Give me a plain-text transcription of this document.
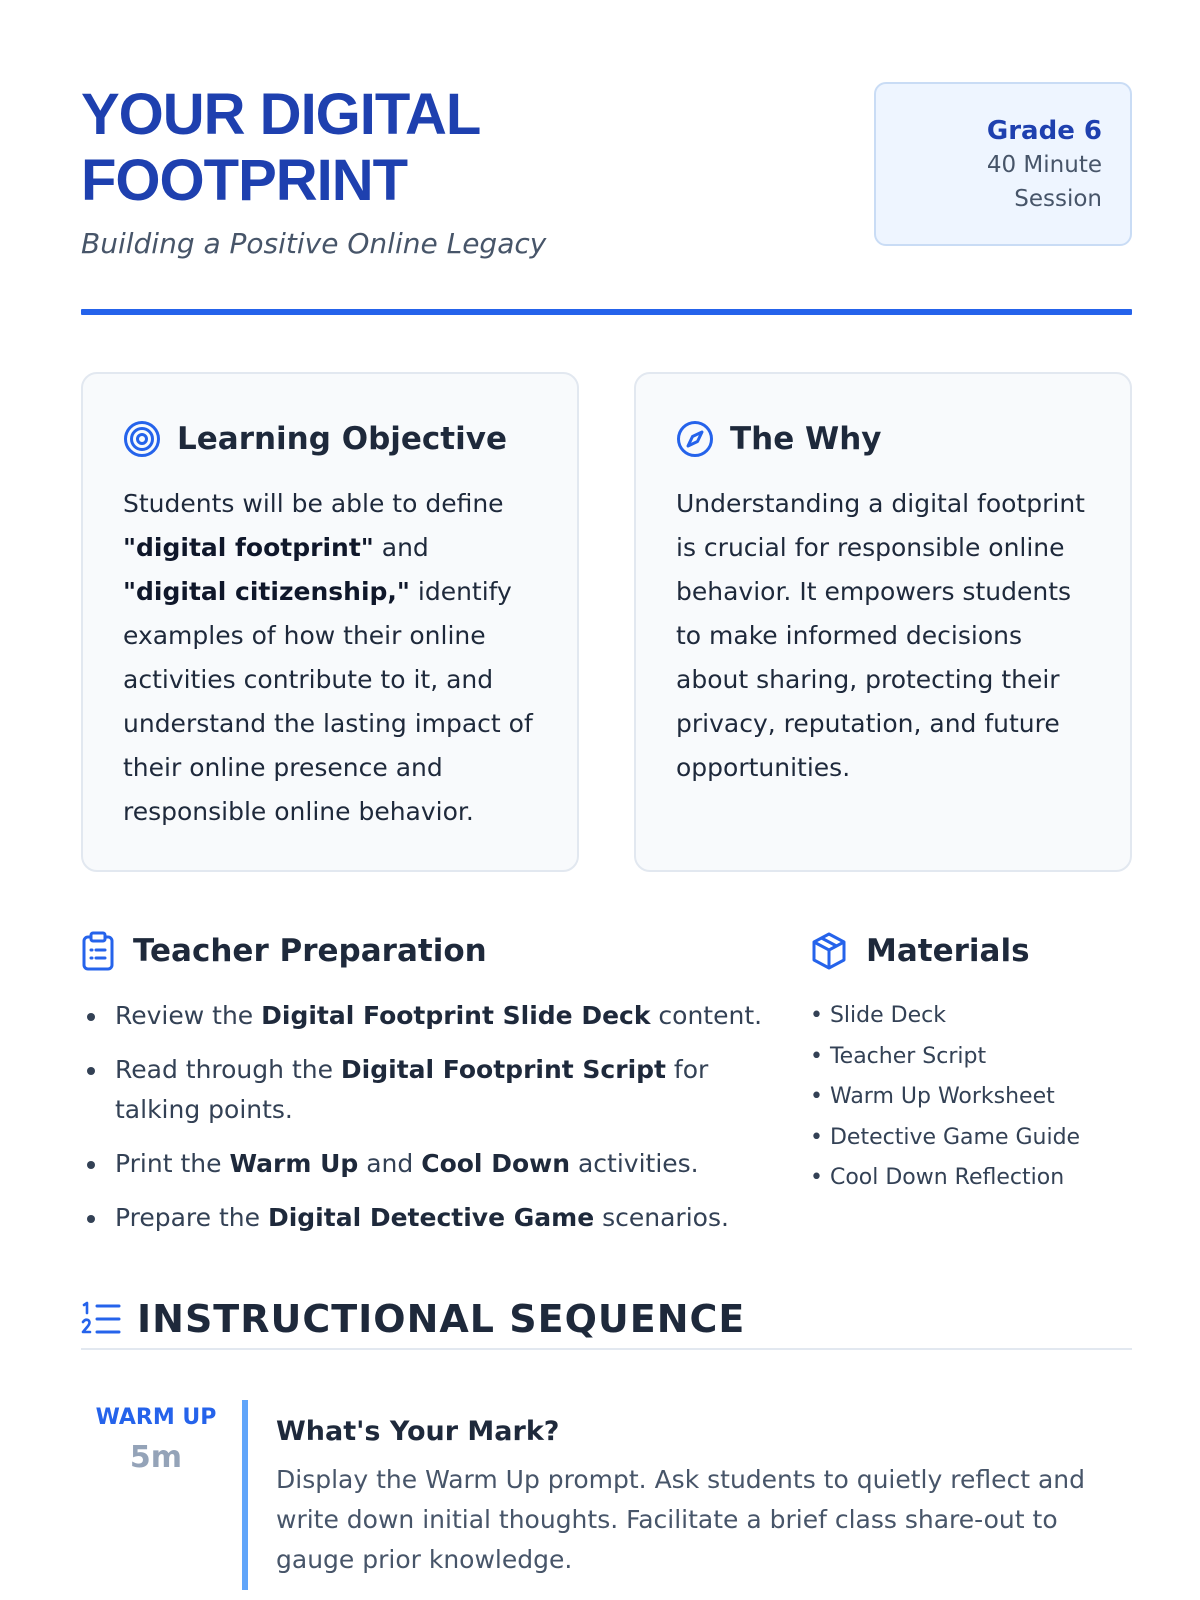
YOUR DIGITAL
FOOTPRINT
Building a Positive Online Legacy
Grade 6
40 Minute
Session
Learning Objective

Students will be able to define "digital footprint" and "digital citizenship," identify examples of how their online activities contribute to it, and understand the lasting impact of their online presence and responsible online behavior.

The Why

Understanding a digital footprint is crucial for responsible online behavior. It empowers students to make informed decisions about sharing, protecting their privacy, reputation, and future opportunities.

Teacher Preparation
Review the Digital Footprint Slide Deck content.
Read through the Digital Footprint Script for talking points.
Print the Warm Up and Cool Down activities.
Prepare the Digital Detective Game scenarios.
Materials
• Slide Deck
• Teacher Script
• Warm Up Worksheet
• Detective Game Guide
• Cool Down Reflection
INSTRUCTIONAL SEQUENCE
WARM UP
5m
What's Your Mark?

Display the Warm Up prompt. Ask students to quietly reflect and write down initial thoughts. Facilitate a brief class share-out to gauge prior knowledge.
